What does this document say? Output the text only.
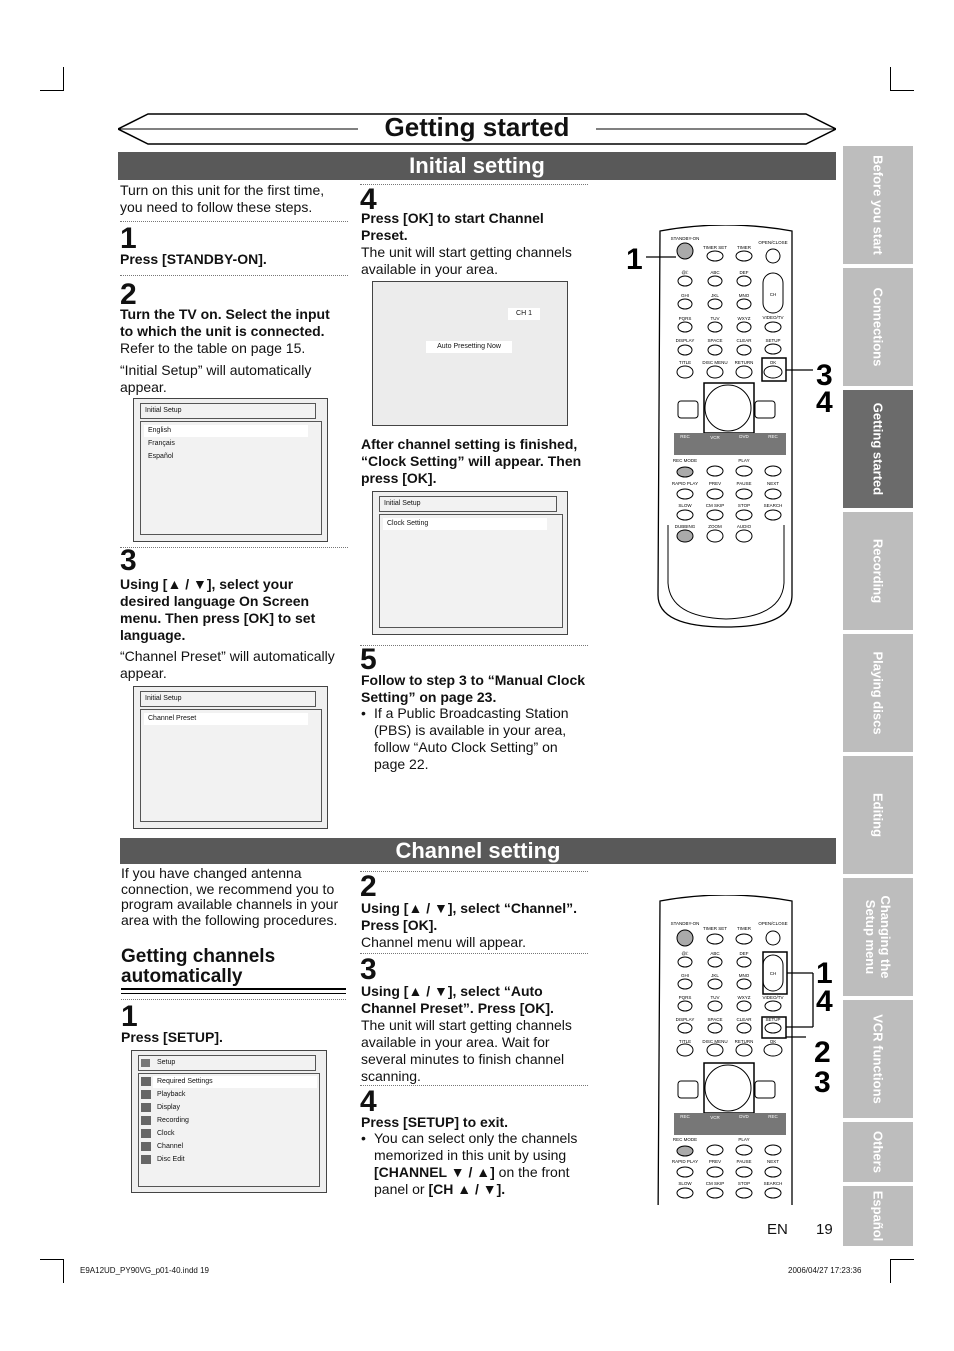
Getting started
Initial setting
Turn on this unit for the first time, you need to follow these steps.
1
Press [STANDBY-ON].
2
Turn the TV on. Select the input to which the unit is connected.
Refer to the table on page 15.
“Initial Setup” will automatically appear.
Initial Setup
English
Français
Español
3
Using [▲ / ▼], select your desired language On Screen menu. Then press [OK] to set language.
“Channel Preset” will automatically appear.
Initial Setup
Channel Preset
4
Press [OK] to start Channel Preset.
The unit will start getting channels available in your area.
CH 1
Auto Presetting Now
After channel setting is finished, “Clock Setting” will appear. Then press [OK].
Initial Setup
Clock Setting
5
Follow to step 3 to “Manual Clock Setting” on page 23.
• If a Public Broadcasting Station (PBS) is available in your area, follow “Auto Clock Setting” on page 22.
STANDBY-ON
TIMER SET TIMER
OPEN/CLOSE
@/:	ABC	DEF
GHI	JKL	MNO	CH
PQRS	TUV	WXYZ	VIDEO/TV
DISPLAY	SPACE	CLEAR	SETUP
TITLE DISC MENU RETURN	OK
REC	VCR	DVD	REC
REC MODE	PLAY
RAPID PLAY PREV	PAUSE	NEXT
SLOW	CM SKIP	STOP	SEARCH
DUBBING	ZOOM	AUDIO
1
3
4
Channel setting
If you have changed antenna connection, we recommend you to program available channels in your area with the following procedures.
Getting channels automatically
1
Press [SETUP].
Setup
Required Settings
Playback
Display
Recording
Clock
Channel
Disc Edit
2
Using [▲ / ▼], select “Channel”. Press [OK].
Channel menu will appear.
3
Using [▲ / ▼], select “Auto Channel Preset”. Press [OK].
The unit will start getting channels available in your area. Wait for several minutes to finish channel scanning.
4
Press [SETUP] to exit.
• You can select only the channels memorized in this unit by using [CHANNEL ▼ / ▲] on the front panel or [CH ▲ / ▼].
STANDBY-ON
TIMER SET TIMER
OPEN/CLOSE
@/:	ABC	DEF
GHI	JKL	MNO	CH
PQRS	TUV	WXYZ	VIDEO/TV
DISPLAY	SPACE	CLEAR	SETUP
TITLE DISC MENU RETURN	OK
REC	VCR	DVD	REC
REC MODE	PLAY
RAPID PLAY PREV	PAUSE	NEXT
SLOW	CM SKIP	STOP	SEARCH
1
4
2
3
Before you start
Connections
Getting started
Recording
Playing discs
Editing
Changing the Setup menu
VCR functions
Others
Español
EN 19
E9A12UD_PY90VG_p01-40.indd 19	2006/04/27 17:23:36
